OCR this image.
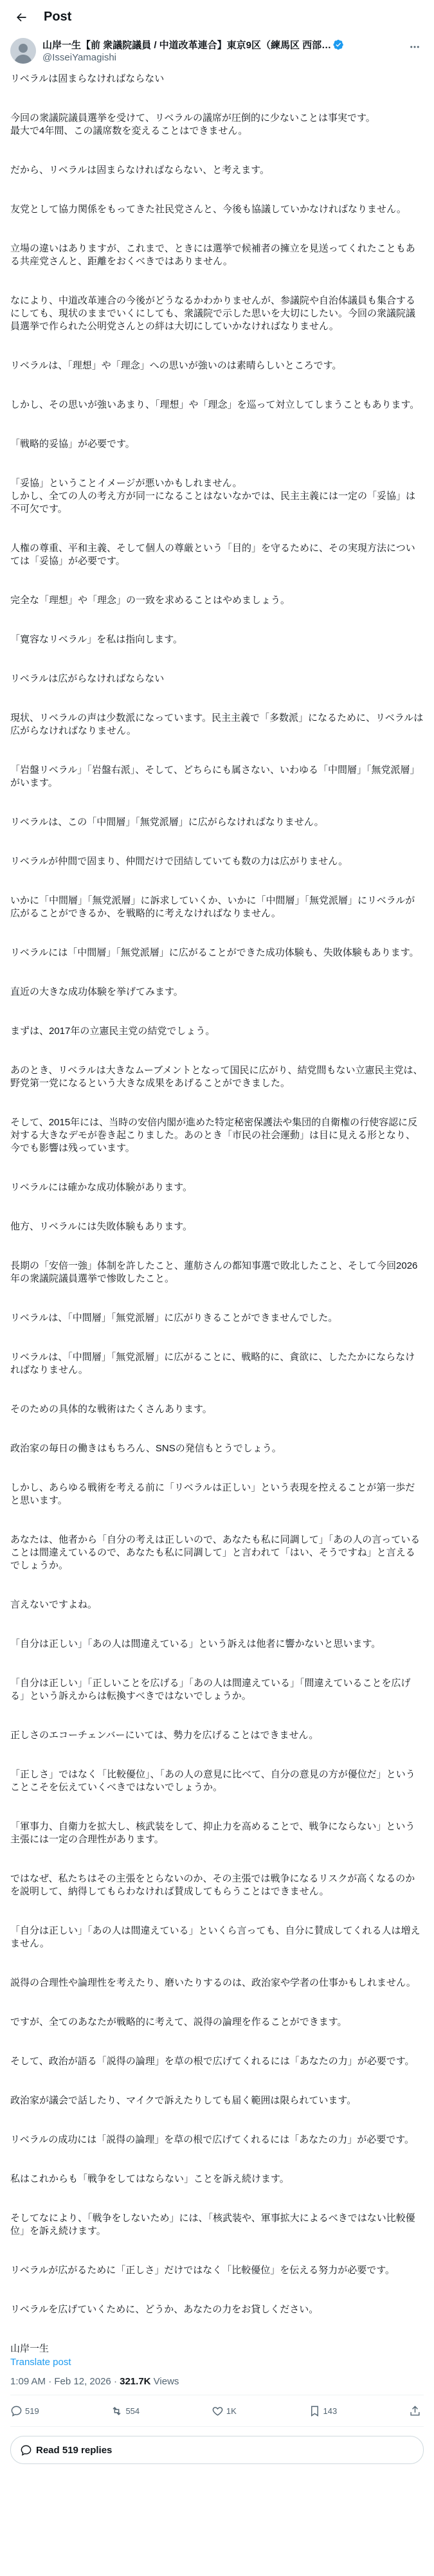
Post
山岸一生【前 衆議院議員 / 中道改革連合】東京9区（練馬区 西部…
@IsseiYamagishi

リベラルは固まらなければならない

今回の衆議院議員選挙を受けて、リベラルの議席が圧倒的に少ないことは事実です。
最大で4年間、この議席数を変えることはできません。

だから、リベラルは固まらなければならない、と考えます。

友党として協力関係をもってきた社民党さんと、今後も協議していかなければなりません。

立場の違いはありますが、これまで、ときには選挙で候補者の擁立を見送ってくれたこともある共産党さんと、距離をおくべきではありません。

なにより、中道改革連合の今後がどうなるかわかりませんが、参議院や自治体議員も集合するにしても、現状のままでいくにしても、衆議院で示した思いを大切にしたい。今回の衆議院議員選挙で作られた公明党さんとの絆は大切にしていかなければなりません。

リベラルは、「理想」や「理念」への思いが強いのは素晴らしいところです。

しかし、その思いが強いあまり、「理想」や「理念」を巡って対立してしまうこともあります。

「戦略的妥協」が必要です。

「妥協」ということイメージが悪いかもしれません。
しかし、全ての人の考え方が同一になることはないなかでは、民主主義には一定の「妥協」は不可欠です。

人権の尊重、平和主義、そして個人の尊厳という「目的」を守るために、その実現方法については「妥協」が必要です。

完全な「理想」や「理念」の一致を求めることはやめましょう。

「寛容なリベラル」を私は指向します。

リベラルは広がらなければならない

現状、リベラルの声は少数派になっています。民主主義で「多数派」になるために、リベラルは広がらなければなりません。

「岩盤リベラル」「岩盤右派」、そして、どちらにも属さない、いわゆる「中間層」「無党派層」がいます。

リベラルは、この「中間層」「無党派層」に広がらなければなりません。

リベラルが仲間で固まり、仲間だけで団結していても数の力は広がりません。

いかに「中間層」「無党派層」に訴求していくか、いかに「中間層」「無党派層」にリベラルが広がることができるか、を戦略的に考えなければなりません。

リベラルには「中間層」「無党派層」に広がることができた成功体験も、失敗体験もあります。

直近の大きな成功体験を挙げてみます。

まずは、2017年の立憲民主党の結党でしょう。

あのとき、リベラルは大きなムーブメントとなって国民に広がり、結党間もない立憲民主党は、野党第一党になるという大きな成果をあげることができました。

そして、2015年には、当時の安倍内閣が進めた特定秘密保護法や集団的自衛権の行使容認に反対する大きなデモが巻き起こりました。あのとき「市民の社会運動」は目に見える形となり、今でも影響は残っています。

リベラルには確かな成功体験があります。

他方、リベラルには失敗体験もあります。

長期の「安倍一強」体制を許したこと、蓮舫さんの都知事選で敗北したこと、そして今回2026年の衆議院議員選挙で惨敗したこと。

リベラルは、「中間層」「無党派層」に広がりきることができませんでした。

リベラルは、「中間層」「無党派層」に広がることに、戦略的に、貪欲に、したたかにならなければなりません。

そのための具体的な戦術はたくさんあります。

政治家の毎日の働きはもちろん、SNSの発信もとうでしょう。

しかし、あらゆる戦術を考える前に「リベラルは正しい」という表現を控えることが第一歩だと思います。

あなたは、他者から「自分の考えは正しいので、あなたも私に同調して」「あの人の言っていることは間違えているので、あなたも私に同調して」と言われて「はい、そうですね」と言えるでしょうか。

言えないですよね。

「自分は正しい」「あの人は間違えている」という訴えは他者に響かないと思います。

「自分は正しい」「正しいことを広げる」「あの人は間違えている」「間違えていることを広げる」という訴えからは転換すべきではないでしょうか。

正しさのエコーチェンバーにいては、勢力を広げることはできません。

「正しさ」ではなく「比較優位」、「あの人の意見に比べて、自分の意見の方が優位だ」ということこそを伝えていくべきではないでしょうか。

「軍事力、自衛力を拡大し、核武装をして、抑止力を高めることで、戦争にならない」という主張には一定の合理性があります。

ではなぜ、私たちはその主張をとらないのか、その主張では戦争になるリスクが高くなるのかを説明して、納得してもらわなければ賛成してもらうことはできません。

「自分は正しい」「あの人は間違えている」といくら言っても、自分に賛成してくれる人は増えません。

説得の合理性や論理性を考えたり、磨いたりするのは、政治家や学者の仕事かもしれません。

ですが、全てのあなたが戦略的に考えて、説得の論理を作ることができます。

そして、政治が語る「説得の論理」を草の根で広げてくれるには「あなたの力」が必要です。

政治家が議会で話したり、マイクで訴えたりしても届く範囲は限られています。

リベラルの成功には「説得の論理」を草の根で広げてくれるには「あなたの力」が必要です。

私はこれからも「戦争をしてはならない」ことを訴え続けます。

そしてなにより、「戦争をしないため」には、「核武装や、軍事拡大によるべきではない比較優位」を訴え続けます。

リベラルが広がるために「正しさ」だけではなく「比較優位」を伝える努力が必要です。

リベラルを広げていくために、どうか、あなたの力をお貸しください。

山岸一生

Translate post
1:09 AM · Feb 12, 2026 · 321.7K Views
519	554	1K	143
Read 519 replies
